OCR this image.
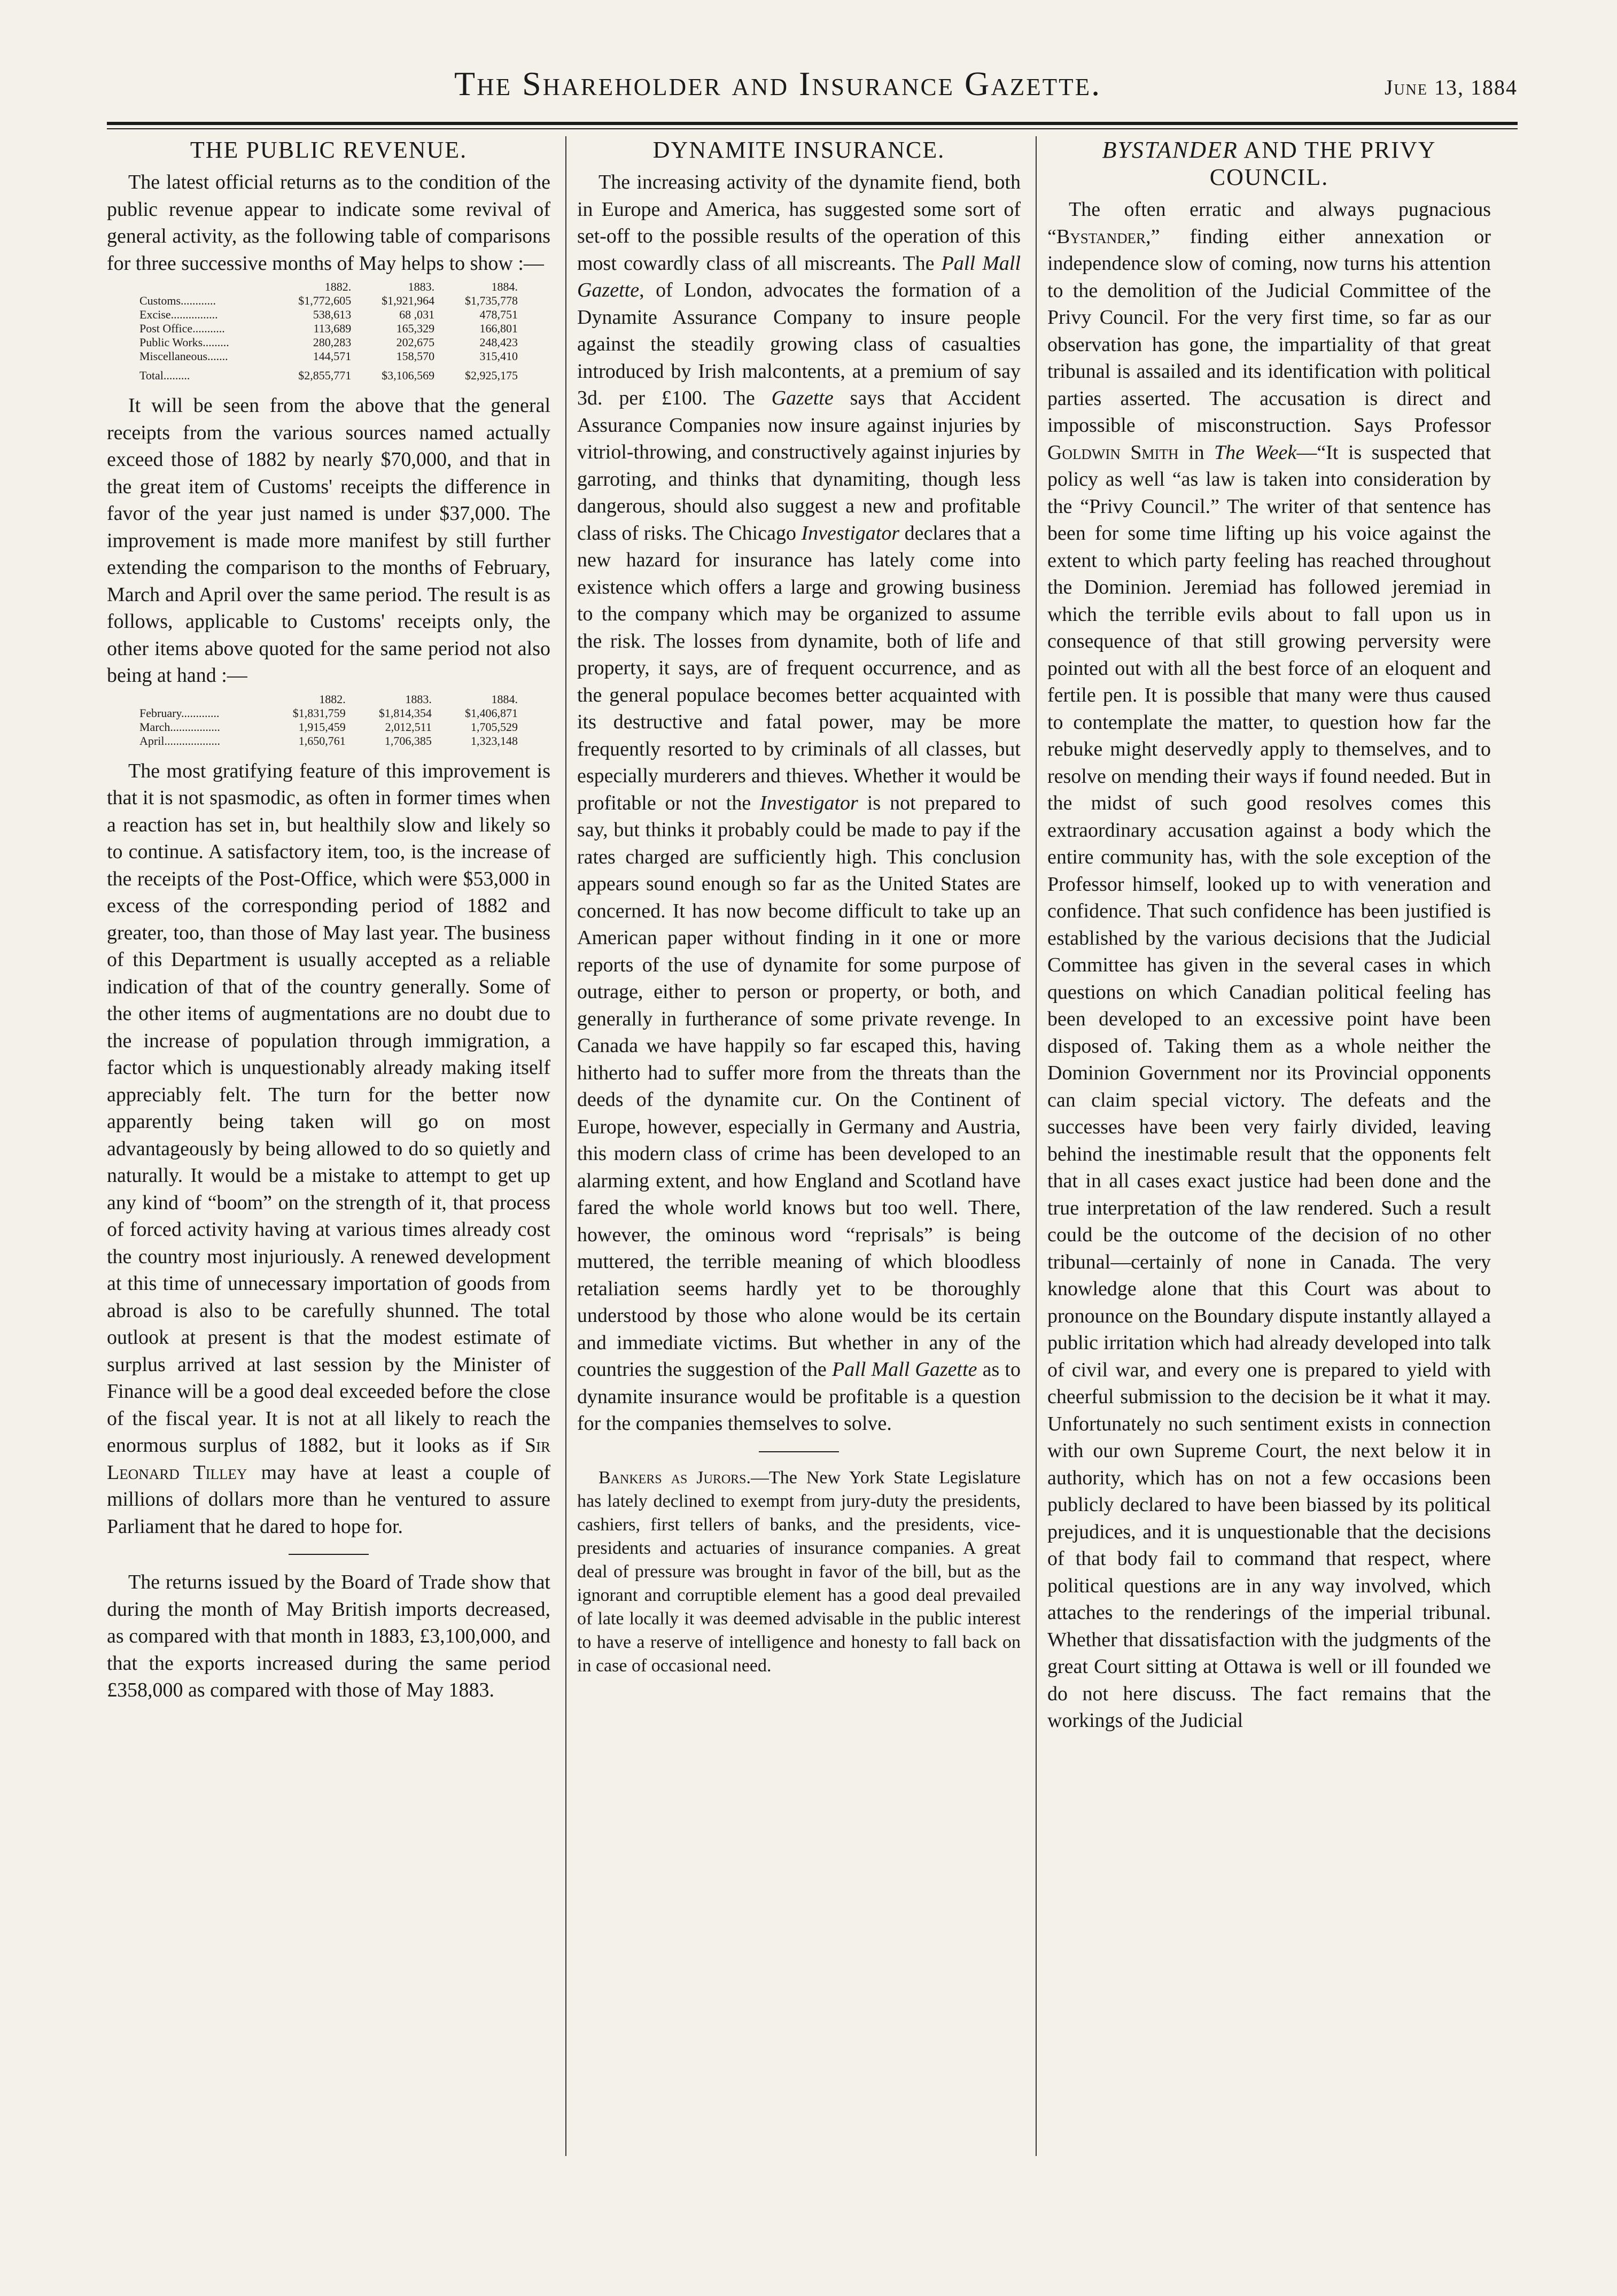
The Shareholder and Insurance Gazette.	June 13, 1884
THE PUBLIC REVENUE.

The latest official returns as to the condition of the public revenue appear to indicate some revival of general activity, as the following table of comparisons for three successive months of May helps to show :—

	1882.	1883.	1884.
Customs............	$1,772,605	$1,921,964	$1,735,778
Excise................	538,613	68 ,031	478,751
Post Office...........	113,689	165,329	166,801
Public Works.........	280,283	202,675	248,423
Miscellaneous.......	144,571	158,570	315,410
Total.........	$2,855,771	$3,106,569	$2,925,175

It will be seen from the above that the general receipts from the various sources named actually exceed those of 1882 by nearly $70,000, and that in the great item of Customs' receipts the difference in favor of the year just named is under $37,000. The improvement is made more manifest by still further extending the comparison to the months of February, March and April over the same period. The result is as follows, applicable to Customs' receipts only, the other items above quoted for the same period not also being at hand :—

	1882.	1883.	1884.
February.............	$1,831,759	$1,814,354	$1,406,871
March.................	1,915,459	2,012,511	1,705,529
April...................	1,650,761	1,706,385	1,323,148

The most gratifying feature of this improvement is that it is not spasmodic, as often in former times when a reaction has set in, but healthily slow and likely so to continue. A satisfactory item, too, is the increase of the receipts of the Post-Office, which were $53,000 in excess of the corresponding period of 1882 and greater, too, than those of May last year. The business of this Department is usually accepted as a reliable indication of that of the country generally. Some of the other items of augmentations are no doubt due to the increase of population through immigration, a factor which is unquestionably already making itself appreciably felt. The turn for the better now apparently being taken will go on most advantageously by being allowed to do so quietly and naturally. It would be a mistake to attempt to get up any kind of “boom” on the strength of it, that process of forced activity having at various times already cost the country most injuriously. A renewed development at this time of unnecessary importation of goods from abroad is also to be carefully shunned. The total outlook at present is that the modest estimate of surplus arrived at last session by the Minister of Finance will be a good deal exceeded before the close of the fiscal year. It is not at all likely to reach the enormous surplus of 1882, but it looks as if Sir Leonard Tilley may have at least a couple of millions of dollars more than he ventured to assure Parliament that he dared to hope for.

The returns issued by the Board of Trade show that during the month of May British imports decreased, as compared with that month in 1883, £3,100,000, and that the exports increased during the same period £358,000 as compared with those of May 1883.

DYNAMITE INSURANCE.

The increasing activity of the dynamite fiend, both in Europe and America, has suggested some sort of set-off to the possible results of the operation of this most cowardly class of all miscreants. The Pall Mall Gazette, of London, advocates the formation of a Dynamite Assurance Company to insure people against the steadily growing class of casualties introduced by Irish malcontents, at a premium of say 3d. per £100. The Gazette says that Accident Assurance Companies now insure against injuries by vitriol-throwing, and constructively against injuries by garroting, and thinks that dynamiting, though less dangerous, should also suggest a new and profitable class of risks. The Chicago Investigator declares that a new hazard for insurance has lately come into existence which offers a large and growing business to the company which may be organized to assume the risk. The losses from dynamite, both of life and property, it says, are of frequent occurrence, and as the general populace becomes better acquainted with its destructive and fatal power, may be more frequently resorted to by criminals of all classes, but especially murderers and thieves. Whether it would be profitable or not the Investigator is not prepared to say, but thinks it probably could be made to pay if the rates charged are sufficiently high. This conclusion appears sound enough so far as the United States are concerned. It has now become difficult to take up an American paper without finding in it one or more reports of the use of dynamite for some purpose of outrage, either to person or property, or both, and generally in furtherance of some private revenge. In Canada we have happily so far escaped this, having hitherto had to suffer more from the threats than the deeds of the dynamite cur. On the Continent of Europe, however, especially in Germany and Austria, this modern class of crime has been developed to an alarming extent, and how England and Scotland have fared the whole world knows but too well. There, however, the ominous word “reprisals” is being muttered, the terrible meaning of which bloodless retaliation seems hardly yet to be thoroughly understood by those who alone would be its certain and immediate victims. But whether in any of the countries the suggestion of the Pall Mall Gazette as to dynamite insurance would be profitable is a question for the companies themselves to solve.

Bankers as Jurors.—The New York State Legislature has lately declined to exempt from jury-duty the presidents, cashiers, first tellers of banks, and the presidents, vice-presidents and actuaries of insurance companies. A great deal of pressure was brought in favor of the bill, but as the ignorant and corruptible element has a good deal prevailed of late locally it was deemed advisable in the public interest to have a reserve of intelligence and honesty to fall back on in case of occasional need.

BYSTANDER AND THE PRIVY COUNCIL.

The often erratic and always pugnacious “Bystander,” finding either annexation or independence slow of coming, now turns his attention to the demolition of the Judicial Committee of the Privy Council. For the very first time, so far as our observation has gone, the impartiality of that great tribunal is assailed and its identification with political parties asserted. The accusation is direct and impossible of misconstruction. Says Professor Goldwin Smith in The Week—“It is suspected that policy as well “as law is taken into consideration by the “Privy Council.” The writer of that sentence has been for some time lifting up his voice against the extent to which party feeling has reached throughout the Dominion. Jeremiad has followed jeremiad in which the terrible evils about to fall upon us in consequence of that still growing perversity were pointed out with all the best force of an eloquent and fertile pen. It is possible that many were thus caused to contemplate the matter, to question how far the rebuke might deservedly apply to themselves, and to resolve on mending their ways if found needed. But in the midst of such good resolves comes this extraordinary accusation against a body which the entire community has, with the sole exception of the Professor himself, looked up to with veneration and confidence. That such confidence has been justified is established by the various decisions that the Judicial Committee has given in the several cases in which questions on which Canadian political feeling has been developed to an excessive point have been disposed of. Taking them as a whole neither the Dominion Government nor its Provincial opponents can claim special victory. The defeats and the successes have been very fairly divided, leaving behind the inestimable result that the opponents felt that in all cases exact justice had been done and the true interpretation of the law rendered. Such a result could be the outcome of the decision of no other tribunal—certainly of none in Canada. The very knowledge alone that this Court was about to pronounce on the Boundary dispute instantly allayed a public irritation which had already developed into talk of civil war, and every one is prepared to yield with cheerful submission to the decision be it what it may. Unfortunately no such sentiment exists in connection with our own Supreme Court, the next below it in authority, which has on not a few occasions been publicly declared to have been biassed by its political prejudices, and it is unquestionable that the decisions of that body fail to command that respect, where political questions are in any way involved, which attaches to the renderings of the imperial tribunal. Whether that dissatisfaction with the judgments of the great Court sitting at Ottawa is well or ill founded we do not here discuss. The fact remains that the workings of the Judicial
